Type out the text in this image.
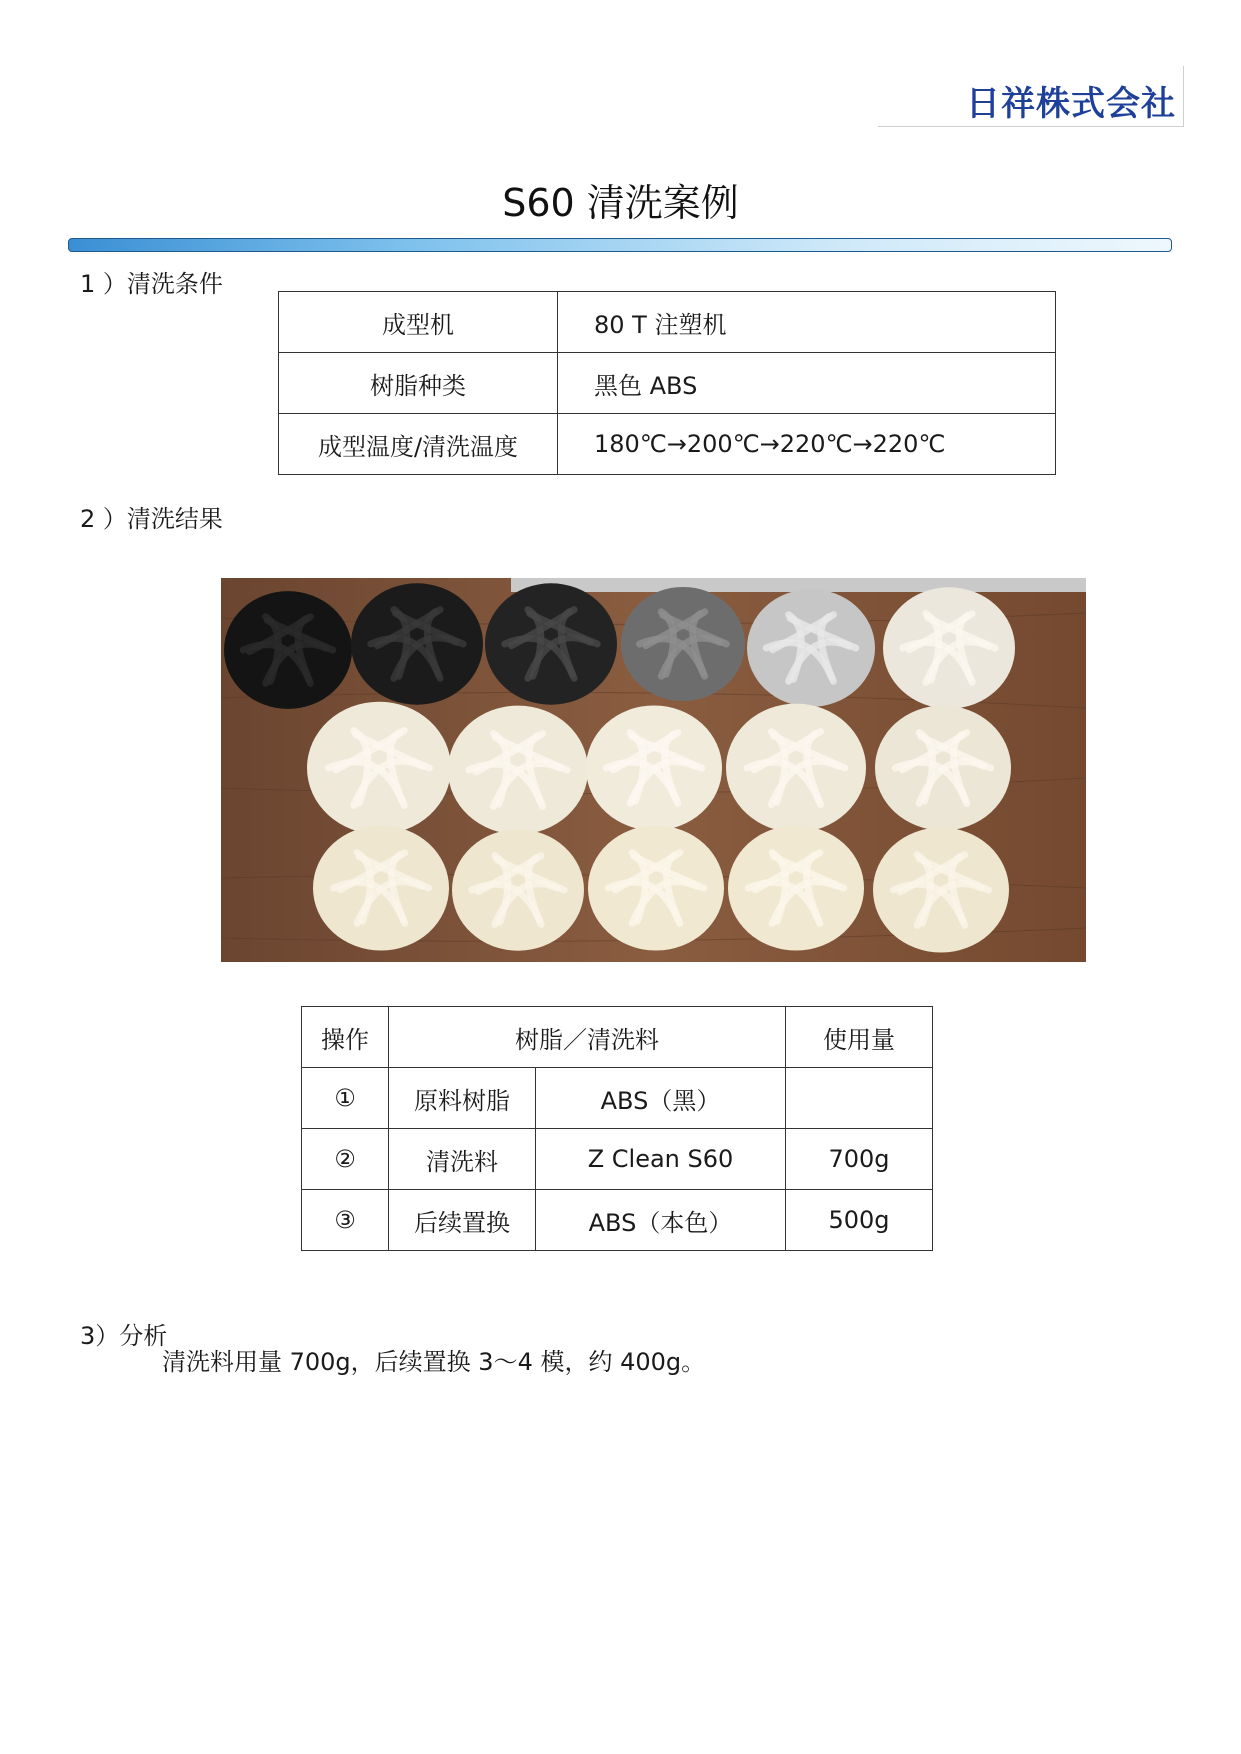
日祥株式会社
S60 清洗案例
1 ）清洗条件
成型机	80 T 注塑机
树脂种类	黑色 ABS
成型温度/清洗温度	180℃→200℃→220℃→220℃
2 ）清洗结果
操作	树脂／清洗料		使用量
①	原料树脂	ABS（黑）	
②	清洗料	Z Clean S60	700g
③	后续置换	ABS（本色）	500g
3）分析
清洗料用量 700g，后续置换 3～4 模，约 400g。
